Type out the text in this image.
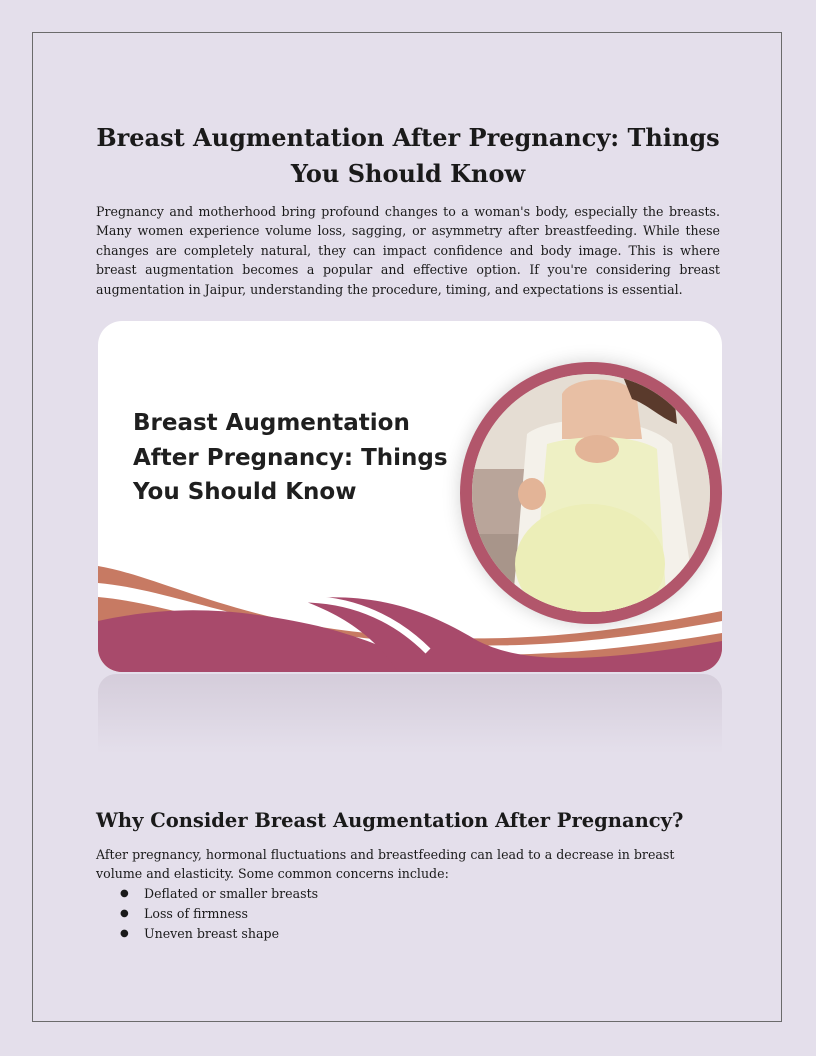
Breast Augmentation After Pregnancy: Things You Should Know

Pregnancy and motherhood bring profound changes to a woman's body, especially the breasts. Many women experience volume loss, sagging, or asymmetry after breastfeeding. While these changes are completely natural, they can impact confidence and body image. This is where breast augmentation becomes a popular and effective option. If you're considering breast augmentation in Jaipur, understanding the procedure, timing, and expectations is essential.

Breast Augmentation After Pregnancy: Things You Should Know
Why Consider Breast Augmentation After Pregnancy?

After pregnancy, hormonal fluctuations and breastfeeding can lead to a decrease in breast volume and elasticity. Some common concerns include:

● Deflated or smaller breasts
● Loss of firmness
● Uneven breast shape
